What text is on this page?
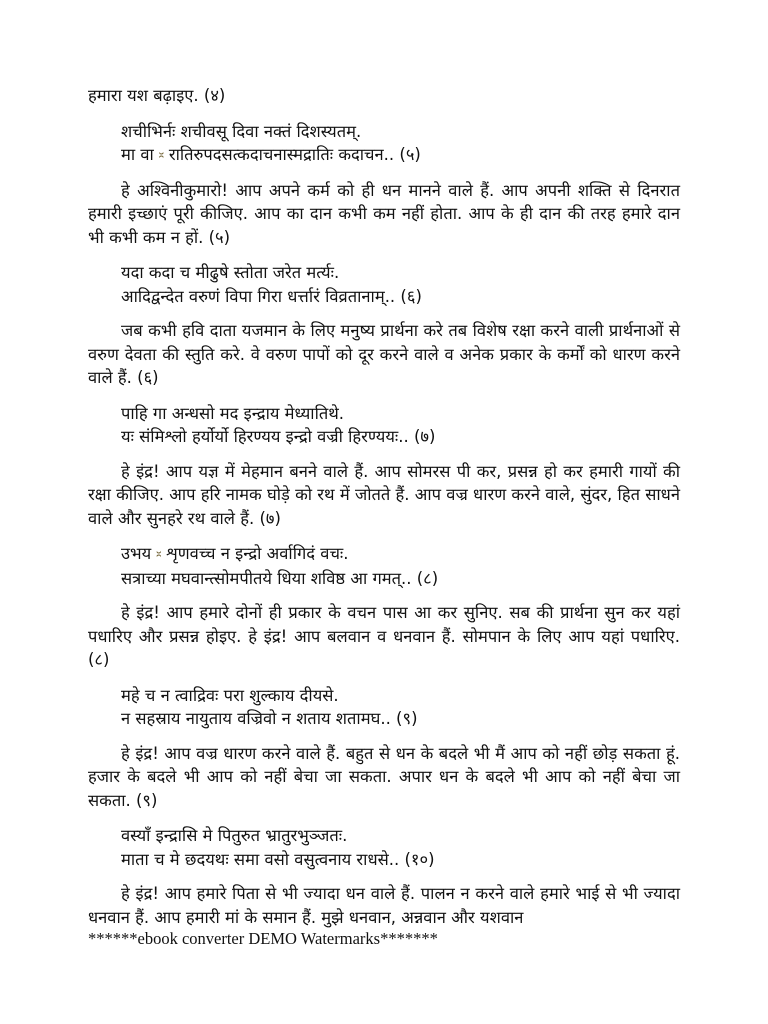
हमारा यश बढ़ाइए. (४)

शचीभिर्नः शचीवसू दिवा नक्तं दिशस्यतम्.
मा वा ᳲ रातिरुपदसत्कदाचनास्मद्रातिः कदाचन.. (५)

हे अश्विनीकुमारो! आप अपने कर्म को ही धन मानने वाले हैं. आप अपनी शक्ति से दिनरात हमारी इच्छाएं पूरी कीजिए. आप का दान कभी कम नहीं होता. आप के ही दान की तरह हमारे दान भी कभी कम न हों. (५)

यदा कदा च मीढुषे स्तोता जरेत मर्त्यः.
आदिद्वन्देत वरुणं विपा गिरा धर्त्तारं विव्रतानाम्.. (६)

जब कभी हवि दाता यजमान के लिए मनुष्य प्रार्थना करे तब विशेष रक्षा करने वाली प्रार्थनाओं से वरुण देवता की स्तुति करे. वे वरुण पापों को दूर करने वाले व अनेक प्रकार के कर्मों को धारण करने वाले हैं. (६)

पाहि गा अन्धसो मद इन्द्राय मेध्यातिथे.
यः संमिश्लो हर्योर्यो हिरण्यय इन्द्रो वज्री हिरण्ययः.. (७)

हे इंद्र! आप यज्ञ में मेहमान बनने वाले हैं. आप सोमरस पी कर, प्रसन्न हो कर हमारी गायों की रक्षा कीजिए. आप हरि नामक घोड़े को रथ में जोतते हैं. आप वज्र धारण करने वाले, सुंदर, हित साधने वाले और सुनहरे रथ वाले हैं. (७)

उभय ᳲ शृणवच्च न इन्द्रो अर्वागिदं वचः.
सत्राच्या मघवान्त्सोमपीतये धिया शविष्ठ आ गमत्.. (८)

हे इंद्र! आप हमारे दोनों ही प्रकार के वचन पास आ कर सुनिए. सब की प्रार्थना सुन कर यहां पधारिए और प्रसन्न होइए. हे इंद्र! आप बलवान व धनवान हैं. सोमपान के लिए आप यहां पधारिए. (८)

महे च न त्वाद्रिवः परा शुल्काय दीयसे.
न सहस्राय नायुताय वज्रिवो न शताय शतामघ.. (९)

हे इंद्र! आप वज्र धारण करने वाले हैं. बहुत से धन के बदले भी मैं आप को नहीं छोड़ सकता हूं. हजार के बदले भी आप को नहीं बेचा जा सकता. अपार धन के बदले भी आप को नहीं बेचा जा सकता. (९)

वस्याँ इन्द्रासि मे पितुरुत भ्रातुरभुञ्जतः.
माता च मे छदयथः समा वसो वसुत्वनाय राधसे.. (१०)

हे इंद्र! आप हमारे पिता से भी ज्यादा धन वाले हैं. पालन न करने वाले हमारे भाई से भी ज्यादा धनवान हैं. आप हमारी मां के समान हैं. मुझे धनवान, अन्नवान और यशवान

******ebook converter DEMO Watermarks*******
